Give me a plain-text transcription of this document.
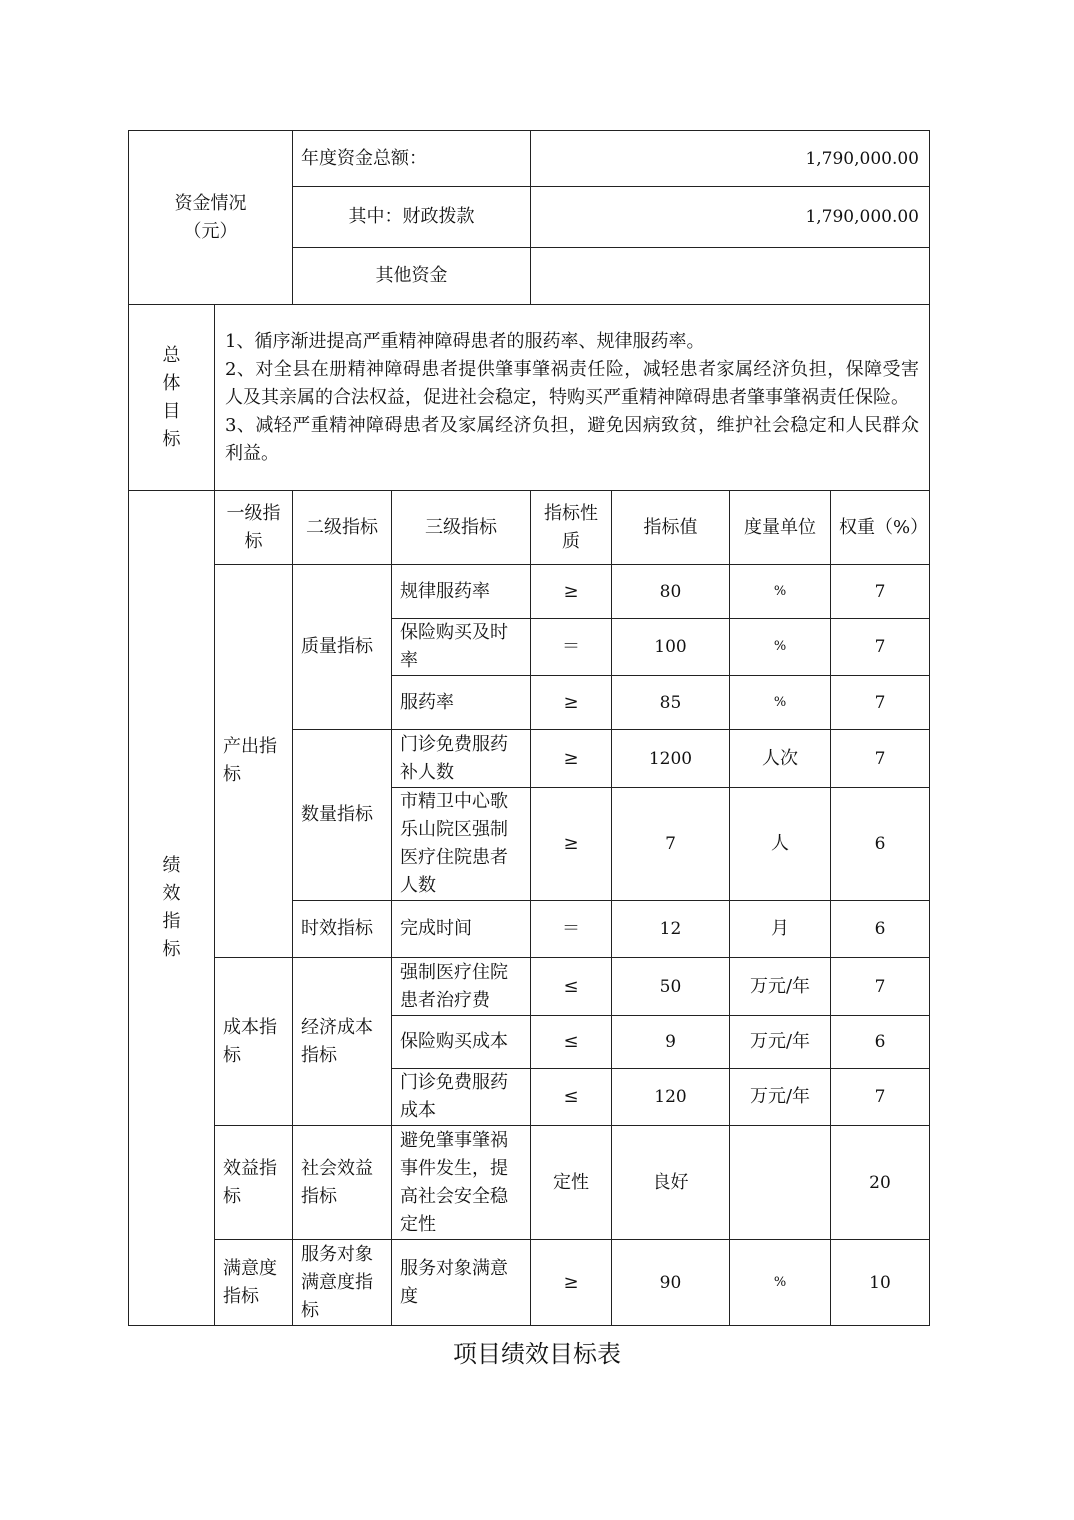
资金情况
（元）		年度资金总额：		1,790,000.00			
		其中：财政拨款		1,790,000.00			
		其他资金					
总
体
目
标	1、循序渐进提高严重精神障碍患者的服药率、规律服药率。
2、对全县在册精神障碍患者提供肇事肇祸责任险，减轻患者家属经济负担，保障受害人及其亲属的合法权益，促进社会稳定，特购买严重精神障碍患者肇事肇祸责任保险。
3、减轻严重精神障碍患者及家属经济负担，避免因病致贫，维护社会稳定和人民群众利益。						

绩
效
指
标	一级指标	二级指标	三级指标	指标性质	指标值	度量单位	权重（%）
	产出指标	质量指标	规律服药率	≥	80	%	7
			保险购买及时率	＝	100	%	7
			服药率	≥	85	%	7
		数量指标	门诊免费服药补人数	≥	1200	人次	7
			市精卫中心歌乐山院区强制医疗住院患者人数	≥	7	人	6
		时效指标	完成时间	＝	12	月	6
	成本指标	经济成本指标	强制医疗住院患者治疗费	≤	50	万元/年	7
			保险购买成本	≤	9	万元/年	6
			门诊免费服药成本	≤	120	万元/年	7
	效益指标	社会效益指标	避免肇事肇祸事件发生，提高社会安全稳定性	定性	良好		20
	满意度指标	服务对象满意度指标	服务对象满意度	≥	90	%	10
项目绩效目标表
